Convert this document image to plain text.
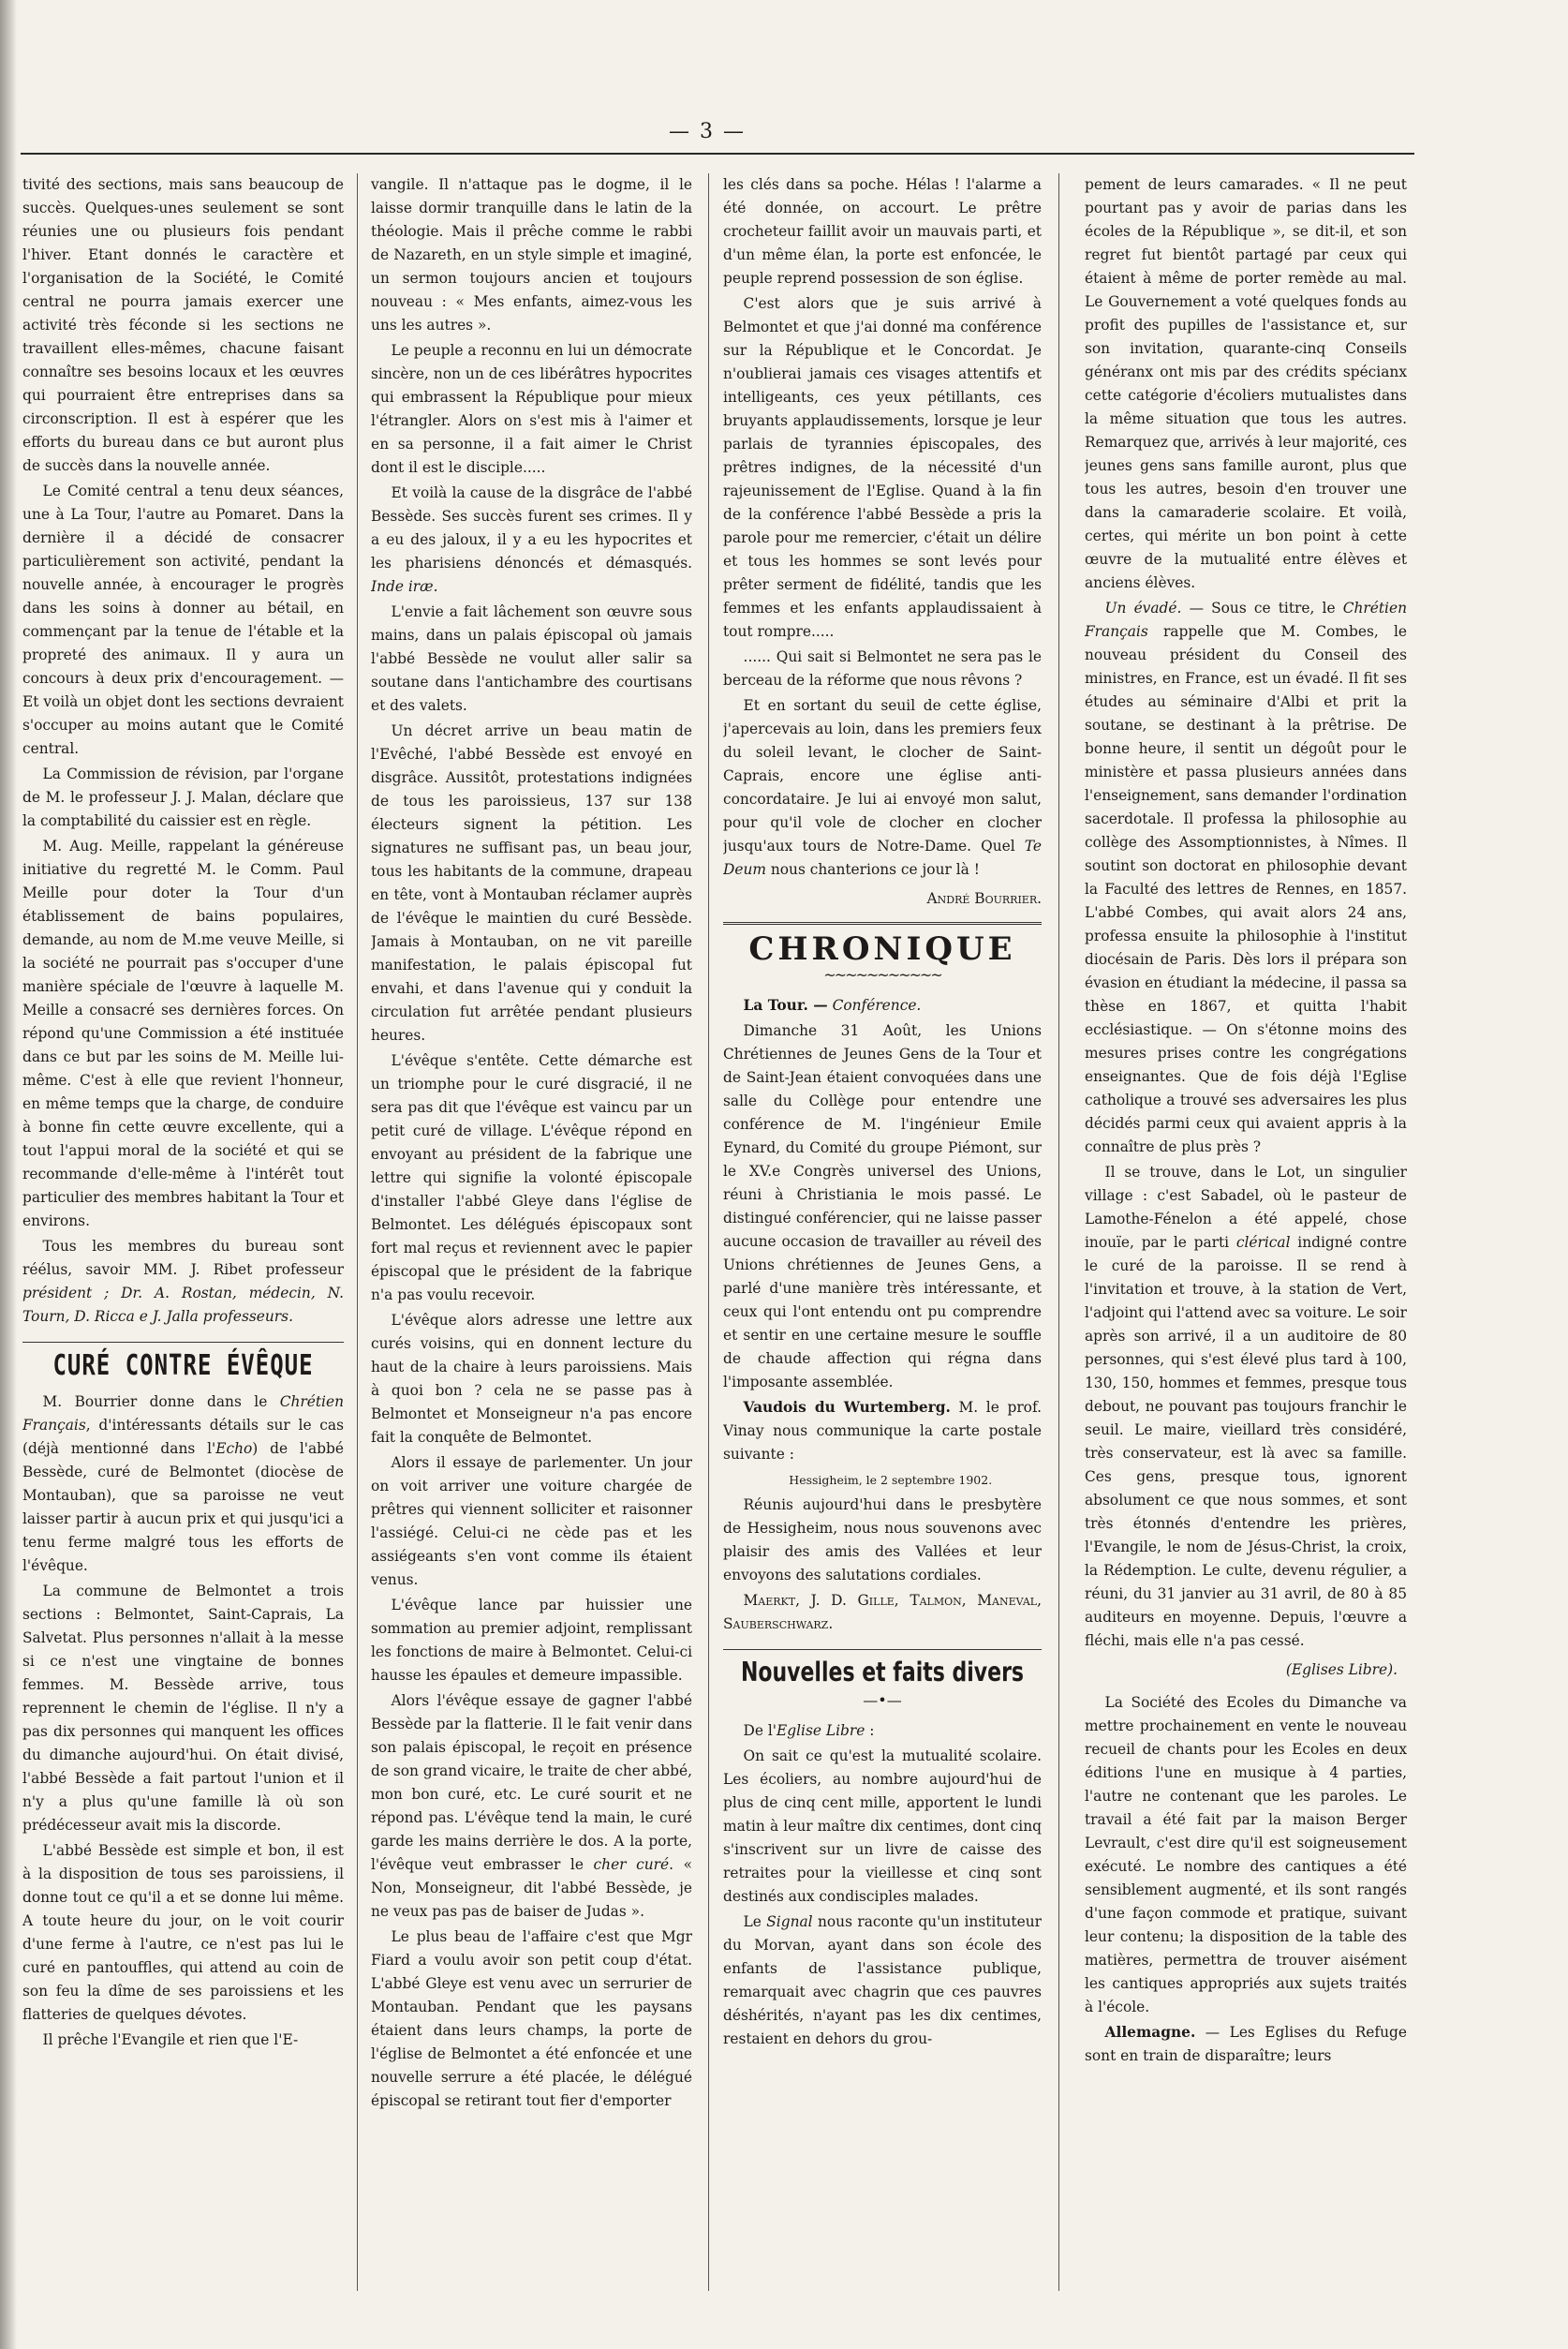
— 3 —

tivité des sections, mais sans beaucoup de succès. Quelques-unes seulement se sont réunies une ou plusieurs fois pendant l'hiver. Etant donnés le caractère et l'organisation de la Société, le Comité central ne pourra jamais exercer une activité très féconde si les sections ne travaillent elles-mêmes, chacune faisant connaître ses besoins locaux et les œuvres qui pourraient être entreprises dans sa circonscription. Il est à espérer que les efforts du bureau dans ce but auront plus de succès dans la nouvelle année.

Le Comité central a tenu deux séances, une à La Tour, l'autre au Pomaret. Dans la dernière il a décidé de consacrer particulièrement son activité, pendant la nouvelle année, à encourager le progrès dans les soins à donner au bétail, en commençant par la tenue de l'étable et la propreté des animaux. Il y aura un concours à deux prix d'encouragement. — Et voilà un objet dont les sections devraient s'occuper au moins autant que le Comité central.

La Commission de révision, par l'organe de M. le professeur J. J. Malan, déclare que la comptabilité du caissier est en règle.

M. Aug. Meille, rappelant la généreuse initiative du regretté M. le Comm. Paul Meille pour doter la Tour d'un établissement de bains populaires, demande, au nom de M.me veuve Meille, si la société ne pourrait pas s'occuper d'une manière spéciale de l'œuvre à laquelle M. Meille a consacré ses dernières forces. On répond qu'une Commission a été instituée dans ce but par les soins de M. Meille lui-même. C'est à elle que revient l'honneur, en même temps que la charge, de conduire à bonne fin cette œuvre excellente, qui a tout l'appui moral de la société et qui se recommande d'elle-même à l'intérêt tout particulier des membres habitant la Tour et environs.

Tous les membres du bureau sont réélus, savoir MM. J. Ribet professeur président ; Dr. A. Rostan, médecin, N. Tourn, D. Ricca e J. Jalla professeurs.

CURÉ CONTRE ÉVÊQUE

M. Bourrier donne dans le Chrétien Français, d'intéressants détails sur le cas (déjà mentionné dans l'Echo) de l'abbé Bessède, curé de Belmontet (diocèse de Montauban), que sa paroisse ne veut laisser partir à aucun prix et qui jusqu'ici a tenu ferme malgré tous les efforts de l'évêque.

La commune de Belmontet a trois sections : Belmontet, Saint-Caprais, La Salvetat. Plus personnes n'allait à la messe si ce n'est une vingtaine de bonnes femmes. M. Bessède arrive, tous reprennent le chemin de l'église. Il n'y a pas dix personnes qui manquent les offices du dimanche aujourd'hui. On était divisé, l'abbé Bessède a fait partout l'union et il n'y a plus qu'une famille là où son prédécesseur avait mis la discorde.

L'abbé Bessède est simple et bon, il est à la disposition de tous ses paroissiens, il donne tout ce qu'il a et se donne lui même. A toute heure du jour, on le voit courir d'une ferme à l'autre, ce n'est pas lui le curé en pantouffles, qui attend au coin de son feu la dîme de ses paroissiens et les flatteries de quelques dévotes.

Il prêche l'Evangile et rien que l'E-

vangile. Il n'attaque pas le dogme, il le laisse dormir tranquille dans le latin de la théologie. Mais il prêche comme le rabbi de Nazareth, en un style simple et imaginé, un sermon toujours ancien et toujours nouveau : « Mes enfants, aimez-vous les uns les autres ».

Le peuple a reconnu en lui un démocrate sincère, non un de ces libérâtres hypocrites qui embrassent la République pour mieux l'étrangler. Alors on s'est mis à l'aimer et en sa personne, il a fait aimer le Christ dont il est le disciple.....

Et voilà la cause de la disgrâce de l'abbé Bessède. Ses succès furent ses crimes. Il y a eu des jaloux, il y a eu les hypocrites et les pharisiens dénoncés et démasqués. Inde iræ.

L'envie a fait lâchement son œuvre sous mains, dans un palais épiscopal où jamais l'abbé Bessède ne voulut aller salir sa soutane dans l'antichambre des courtisans et des valets.

Un décret arrive un beau matin de l'Evêché, l'abbé Bessède est envoyé en disgrâce. Aussitôt, protestations indignées de tous les paroissieus, 137 sur 138 électeurs signent la pétition. Les signatures ne suffisant pas, un beau jour, tous les habitants de la commune, drapeau en tête, vont à Montauban réclamer auprès de l'évêque le maintien du curé Bessède. Jamais à Montauban, on ne vit pareille manifestation, le palais épiscopal fut envahi, et dans l'avenue qui y conduit la circulation fut arrêtée pendant plusieurs heures.

L'évêque s'entête. Cette démarche est un triomphe pour le curé disgracié, il ne sera pas dit que l'évêque est vaincu par un petit curé de village. L'évêque répond en envoyant au président de la fabrique une lettre qui signifie la volonté épiscopale d'installer l'abbé Gleye dans l'église de Belmontet. Les délégués épiscopaux sont fort mal reçus et reviennent avec le papier épiscopal que le président de la fabrique n'a pas voulu recevoir.

L'évêque alors adresse une lettre aux curés voisins, qui en donnent lecture du haut de la chaire à leurs paroissiens. Mais à quoi bon ? cela ne se passe pas à Belmontet et Monseigneur n'a pas encore fait la conquête de Belmontet.

Alors il essaye de parlementer. Un jour on voit arriver une voiture chargée de prêtres qui viennent solliciter et raisonner l'assiégé. Celui-ci ne cède pas et les assiégeants s'en vont comme ils étaient venus.

L'évêque lance par huissier une sommation au premier adjoint, remplissant les fonctions de maire à Belmontet. Celui-ci hausse les épaules et demeure impassible.

Alors l'évêque essaye de gagner l'abbé Bessède par la flatterie. Il le fait venir dans son palais épiscopal, le reçoit en présence de son grand vicaire, le traite de cher abbé, mon bon curé, etc. Le curé sourit et ne répond pas. L'évêque tend la main, le curé garde les mains derrière le dos. A la porte, l'évêque veut embrasser le cher curé. « Non, Monseigneur, dit l'abbé Bessède, je ne veux pas pas de baiser de Judas ».

Le plus beau de l'affaire c'est que Mgr Fiard a voulu avoir son petit coup d'état. L'abbé Gleye est venu avec un serrurier de Montauban. Pendant que les paysans étaient dans leurs champs, la porte de l'église de Belmontet a été enfoncée et une nouvelle serrure a été placée, le délégué épiscopal se retirant tout fier d'emporter

les clés dans sa poche. Hélas ! l'alarme a été donnée, on accourt. Le prêtre crocheteur faillit avoir un mauvais parti, et d'un même élan, la porte est enfoncée, le peuple reprend possession de son église.

C'est alors que je suis arrivé à Belmontet et que j'ai donné ma conférence sur la République et le Concordat. Je n'oublierai jamais ces visages attentifs et intelligeants, ces yeux pétillants, ces bruyants applaudissements, lorsque je leur parlais de tyrannies épiscopales, des prêtres indignes, de la nécessité d'un rajeunissement de l'Eglise. Quand à la fin de la conférence l'abbé Bessède a pris la parole pour me remercier, c'était un délire et tous les hommes se sont levés pour prêter serment de fidélité, tandis que les femmes et les enfants applaudissaient à tout rompre.....

...... Qui sait si Belmontet ne sera pas le berceau de la réforme que nous rêvons ?

Et en sortant du seuil de cette église, j'apercevais au loin, dans les premiers feux du soleil levant, le clocher de Saint-Caprais, encore une église anti-concordataire. Je lui ai envoyé mon salut, pour qu'il vole de clocher en clocher jusqu'aux tours de Notre-Dame. Quel Te Deum nous chanterions ce jour là !

André Bourrier.
CHRONIQUE
~~~~~~~~~~~

La Tour. — Conférence.

Dimanche 31 Août, les Unions Chrétiennes de Jeunes Gens de la Tour et de Saint-Jean étaient convoquées dans une salle du Collège pour entendre une conférence de M. l'ingénieur Emile Eynard, du Comité du groupe Piémont, sur le XV.e Congrès universel des Unions, réuni à Christiania le mois passé. Le distingué conférencier, qui ne laisse passer aucune occasion de travailler au réveil des Unions chrétiennes de Jeunes Gens, a parlé d'une manière très intéressante, et ceux qui l'ont entendu ont pu comprendre et sentir en une certaine mesure le souffle de chaude affection qui régna dans l'imposante assemblée.

Vaudois du Wurtemberg. M. le prof. Vinay nous communique la carte postale suivante :

Hessigheim, le 2 septembre 1902.

Réunis aujourd'hui dans le presbytère de Hessigheim, nous nous souvenons avec plaisir des amis des Vallées et leur envoyons des salutations cordiales.

Maerkt, J. D. Gille, Talmon, Maneval, Sauberschwarz.

Nouvelles et faits divers
—•—

De l'Eglise Libre :

On sait ce qu'est la mutualité scolaire. Les écoliers, au nombre aujourd'hui de plus de cinq cent mille, apportent le lundi matin à leur maître dix centimes, dont cinq s'inscrivent sur un livre de caisse des retraites pour la vieillesse et cinq sont destinés aux condisciples malades.

Le Signal nous raconte qu'un instituteur du Morvan, ayant dans son école des enfants de l'assistance publique, remarquait avec chagrin que ces pauvres déshérités, n'ayant pas les dix centimes, restaient en dehors du grou-

pement de leurs camarades. « Il ne peut pourtant pas y avoir de parias dans les écoles de la République », se dit-il, et son regret fut bientôt partagé par ceux qui étaient à même de porter remède au mal. Le Gouvernement a voté quelques fonds au profit des pupilles de l'assistance et, sur son invitation, quarante-cinq Conseils généranx ont mis par des crédits spécianx cette catégorie d'écoliers mutualistes dans la même situation que tous les autres. Remarquez que, arrivés à leur majorité, ces jeunes gens sans famille auront, plus que tous les autres, besoin d'en trouver une dans la camaraderie scolaire. Et voilà, certes, qui mérite un bon point à cette œuvre de la mutualité entre élèves et anciens élèves.

Un évadé. — Sous ce titre, le Chrétien Français rappelle que M. Combes, le nouveau président du Conseil des ministres, en France, est un évadé. Il fit ses études au séminaire d'Albi et prit la soutane, se destinant à la prêtrise. De bonne heure, il sentit un dégoût pour le ministère et passa plusieurs années dans l'enseignement, sans demander l'ordination sacerdotale. Il professa la philosophie au collège des Assomptionnistes, à Nîmes. Il soutint son doctorat en philosophie devant la Faculté des lettres de Rennes, en 1857. L'abbé Combes, qui avait alors 24 ans, professa ensuite la philosophie à l'institut diocésain de Paris. Dès lors il prépara son évasion en étudiant la médecine, il passa sa thèse en 1867, et quitta l'habit ecclésiastique. — On s'étonne moins des mesures prises contre les congrégations enseignantes. Que de fois déjà l'Eglise catholique a trouvé ses adversaires les plus décidés parmi ceux qui avaient appris à la connaître de plus près ?

Il se trouve, dans le Lot, un singulier village : c'est Sabadel, où le pasteur de Lamothe-Fénelon a été appelé, chose inouïe, par le parti clérical indigné contre le curé de la paroisse. Il se rend à l'invitation et trouve, à la station de Vert, l'adjoint qui l'attend avec sa voiture. Le soir après son arrivé, il a un auditoire de 80 personnes, qui s'est élevé plus tard à 100, 130, 150, hommes et femmes, presque tous debout, ne pouvant pas toujours franchir le seuil. Le maire, vieillard très considéré, très conservateur, est là avec sa famille. Ces gens, presque tous, ignorent absolument ce que nous sommes, et sont très étonnés d'entendre les prières, l'Evangile, le nom de Jésus-Christ, la croix, la Rédemption. Le culte, devenu régulier, a réuni, du 31 janvier au 31 avril, de 80 à 85 auditeurs en moyenne. Depuis, l'œuvre a fléchi, mais elle n'a pas cessé.

(Eglises Libre).

La Société des Ecoles du Dimanche va mettre prochainement en vente le nouveau recueil de chants pour les Ecoles en deux éditions l'une en musique à 4 parties, l'autre ne contenant que les paroles. Le travail a été fait par la maison Berger Levrault, c'est dire qu'il est soigneusement exécuté. Le nombre des cantiques a été sensiblement augmenté, et ils sont rangés d'une façon commode et pratique, suivant leur contenu; la disposition de la table des matières, permettra de trouver aisément les cantiques appropriés aux sujets traités à l'école.

Allemagne. — Les Eglises du Refuge sont en train de disparaître; leurs
